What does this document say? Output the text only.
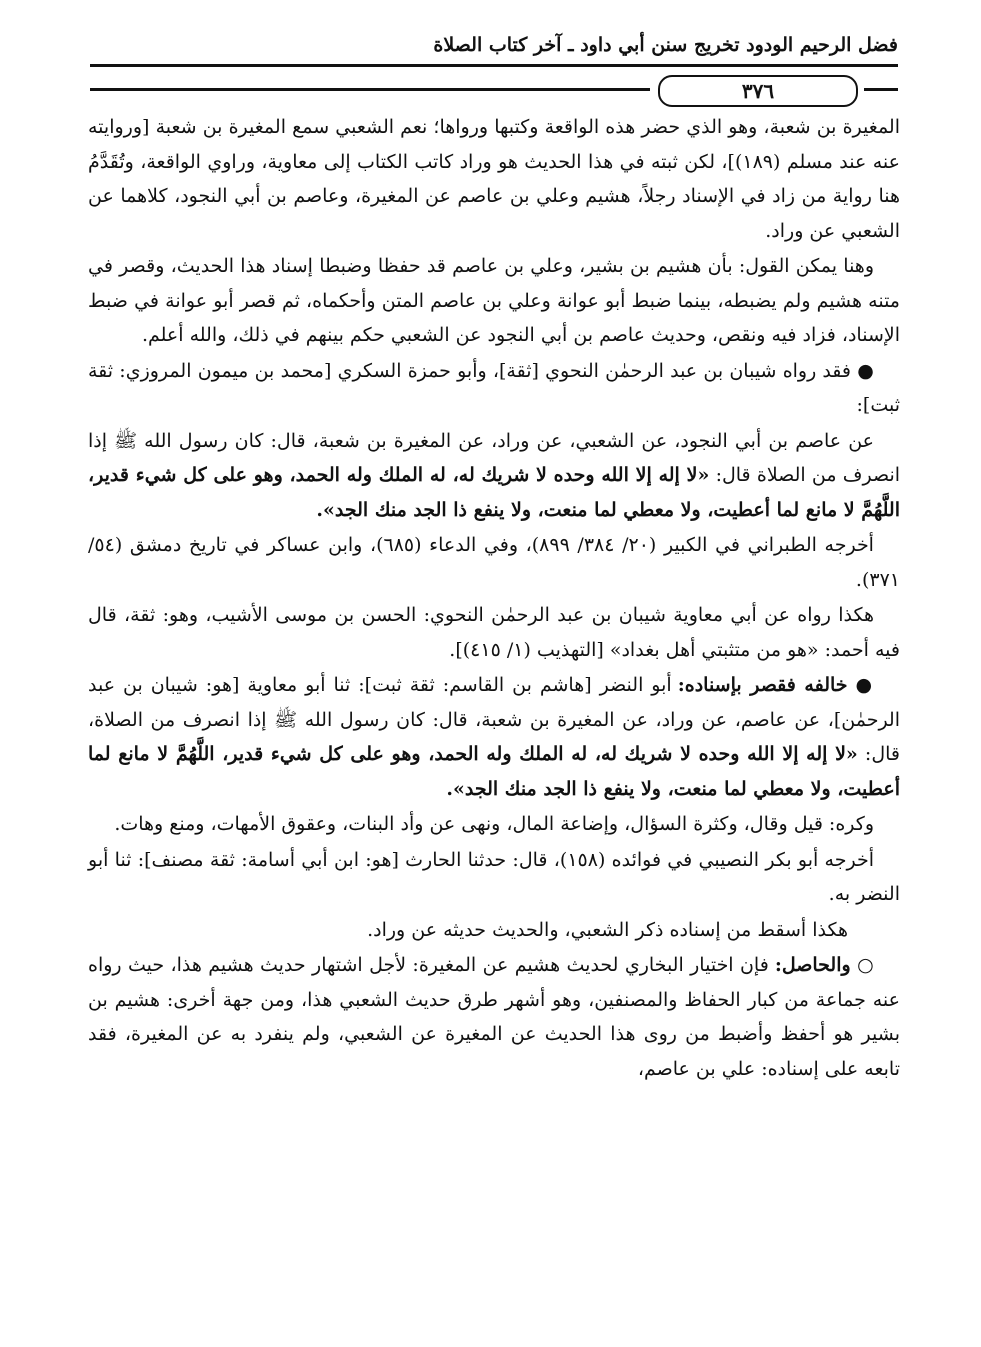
فضل الرحيم الودود تخريج سنن أبي داود ـ آخر كتاب الصلاة
٣٧٦

المغيرة بن شعبة، وهو الذي حضر هذه الواقعة وكتبها ورواها؛ نعم الشعبي سمع المغيرة بن شعبة [وروايته عنه عند مسلم (١٨٩)]، لكن ثبته في هذا الحديث هو وراد كاتب الكتاب إلى معاوية، وراوي الواقعة، وتُقَدَّمُ هنا رواية من زاد في الإسناد رجلاً، هشيم وعلي بن عاصم عن المغيرة، وعاصم بن أبي النجود، كلاهما عن الشعبي عن وراد.

وهنا يمكن القول: بأن هشيم بن بشير، وعلي بن عاصم قد حفظا وضبطا إسناد هذا الحديث، وقصر في متنه هشيم ولم يضبطه، بينما ضبط أبو عوانة وعلي بن عاصم المتن وأحكماه، ثم قصر أبو عوانة في ضبط الإسناد، فزاد فيه ونقص، وحديث عاصم بن أبي النجود عن الشعبي حكم بينهم في ذلك، والله أعلم.

● فقد رواه شيبان بن عبد الرحمٰن النحوي [ثقة]، وأبو حمزة السكري [محمد بن ميمون المروزي: ثقة ثبت]:

عن عاصم بن أبي النجود، عن الشعبي، عن وراد، عن المغيرة بن شعبة، قال: كان رسول الله ﷺ إذا انصرف من الصلاة قال: «لا إله إلا الله وحده لا شريك له، له الملك وله الحمد، وهو على كل شيء قدير، اللَّهُمَّ لا مانع لما أعطيت، ولا معطي لما منعت، ولا ينفع ذا الجد منك الجد».

أخرجه الطبراني في الكبير (٢٠/ ٣٨٤/ ٨٩٩)، وفي الدعاء (٦٨٥)، وابن عساكر في تاريخ دمشق (٥٤/ ٣٧١).

هكذا رواه عن أبي معاوية شيبان بن عبد الرحمٰن النحوي: الحسن بن موسى الأشيب، وهو: ثقة، قال فيه أحمد: «هو من متثبتي أهل بغداد» [التهذيب (١/ ٤١٥)].

● خالفه فقصر بإسناده: أبو النضر [هاشم بن القاسم: ثقة ثبت]: ثنا أبو معاوية [هو: شيبان بن عبد الرحمٰن]، عن عاصم، عن وراد، عن المغيرة بن شعبة، قال: كان رسول الله ﷺ إذا انصرف من الصلاة، قال: «لا إله إلا الله وحده لا شريك له، له الملك وله الحمد، وهو على كل شيء قدير، اللَّهُمَّ لا مانع لما أعطيت، ولا معطي لما منعت، ولا ينفع ذا الجد منك الجد».

وكره: قيل وقال، وكثرة السؤال، وإضاعة المال، ونهى عن وأد البنات، وعقوق الأمهات، ومنع وهات.

أخرجه أبو بكر النصيبي في فوائده (١٥٨)، قال: حدثنا الحارث [هو: ابن أبي أسامة: ثقة مصنف]: ثنا أبو النضر به.

هكذا أسقط من إسناده ذكر الشعبي، والحديث حديثه عن وراد.

○ والحاصل: فإن اختيار البخاري لحديث هشيم عن المغيرة: لأجل اشتهار حديث هشيم هذا، حيث رواه عنه جماعة من كبار الحفاظ والمصنفين، وهو أشهر طرق حديث الشعبي هذا، ومن جهة أخرى: هشيم بن بشير هو أحفظ وأضبط من روى هذا الحديث عن المغيرة عن الشعبي، ولم ينفرد به عن المغيرة، فقد تابعه على إسناده: علي بن عاصم،
